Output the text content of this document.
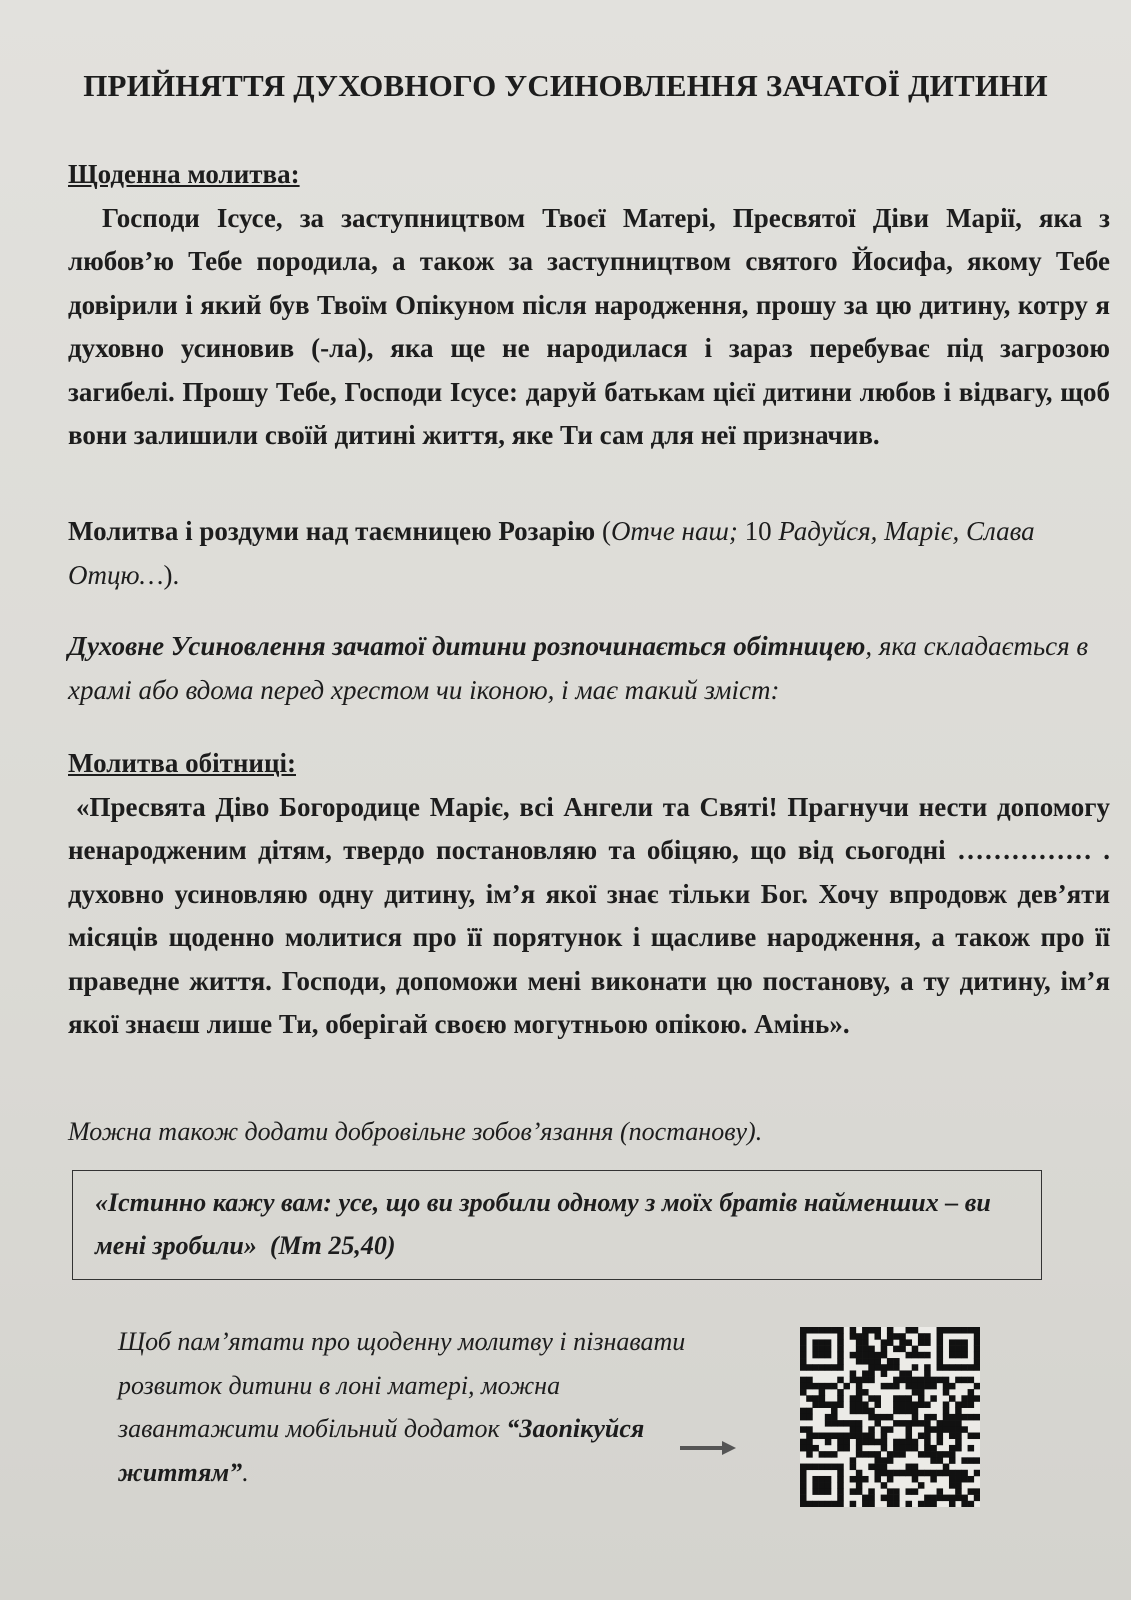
ПРИЙНЯТТЯ ДУХОВНОГО УСИНОВЛЕННЯ ЗАЧАТОЇ ДИТИНИ
Щоденна молитва:
Господи Ісусе, за заступництвом Твоєї Матері, Пресвятої Діви Марії, яка з любов’ю Тебе породила, а також за заступництвом святого Йосифа, якому Тебе довірили і який був Твоїм Опікуном після народження, прошу за цю дитину, котру я духовно усиновив (-ла), яка ще не народилася і зараз перебуває під загрозою загибелі. Прошу Тебе, Господи Ісусе: даруй батькам цієї дитини любов і відвагу, щоб вони залишили своїй дитині життя, яке Ти сам для неї призначив.
Молитва і роздуми над таємницею Розарію (Отче наш; 10 Радуйся, Маріє, Слава Отцю…).
Духовне Усиновлення зачатої дитини розпочинається обітницею, яка складається в храмі або вдома перед хрестом чи іконою, і має такий зміст:
Молитва обітниці:
«Пресвята Діво Богородице Маріє, всі Ангели та Святі! Прагнучи нести допомогу ненародженим дітям, твердо постановляю та обіцяю, що від сьогодні …………… . духовно усиновляю одну дитину, ім’я якої знає тільки Бог. Хочу впродовж дев’яти місяців щоденно молитися про її порятунок і щасливе народження, а також про її праведне життя. Господи, допоможи мені виконати цю постанову, а ту дитину, ім’я якої знаєш лише Ти, оберігай своєю могутньою опікою. Амінь».
Можна також додати добровільне зобов’язання (постанову).
«Істинно кажу вам: усе, що ви зробили одному з моїх братів найменших – ви мені зробили» (Мт 25,40)
Щоб пам’ятати про щоденну молитву і пізнавати розвиток дитини в лоні матері, можна завантажити мобільний додаток “Заопікуйся життям”.
